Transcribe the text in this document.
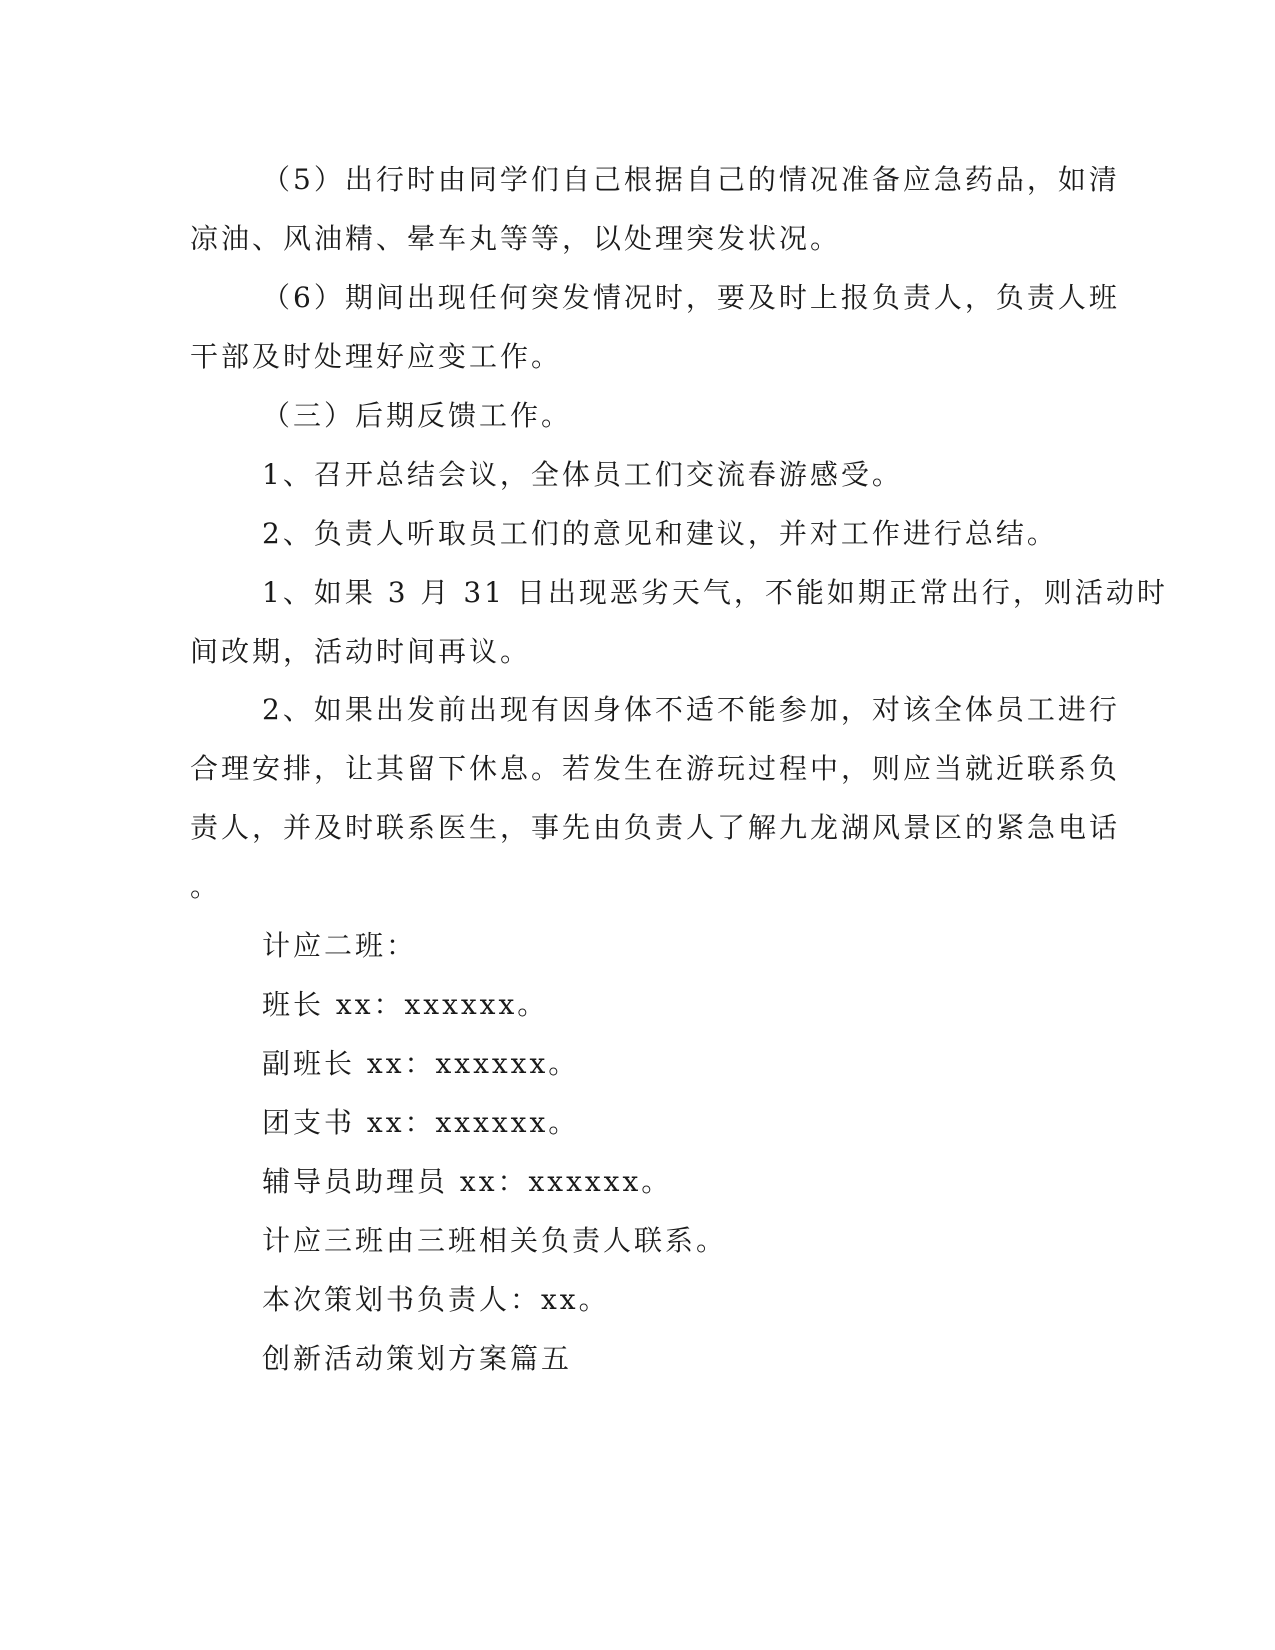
（5）出行时由同学们自己根据自己的情况准备应急药品，如清
凉油、风油精、晕车丸等等，以处理突发状况。
（6）期间出现任何突发情况时，要及时上报负责人，负责人班
干部及时处理好应变工作。
（三）后期反馈工作。
1、召开总结会议，全体员工们交流春游感受。
2、负责人听取员工们的意见和建议，并对工作进行总结。
1、如果 3 月 31 日出现恶劣天气，不能如期正常出行，则活动时
间改期，活动时间再议。
2、如果出发前出现有因身体不适不能参加，对该全体员工进行
合理安排，让其留下休息。若发生在游玩过程中，则应当就近联系负
责人，并及时联系医生，事先由负责人了解九龙湖风景区的紧急电话
。
计应二班：
班长 xx：xxxxxx。
副班长 xx：xxxxxx。
团支书 xx：xxxxxx。
辅导员助理员 xx：xxxxxx。
计应三班由三班相关负责人联系。
本次策划书负责人：xx。
创新活动策划方案篇五
